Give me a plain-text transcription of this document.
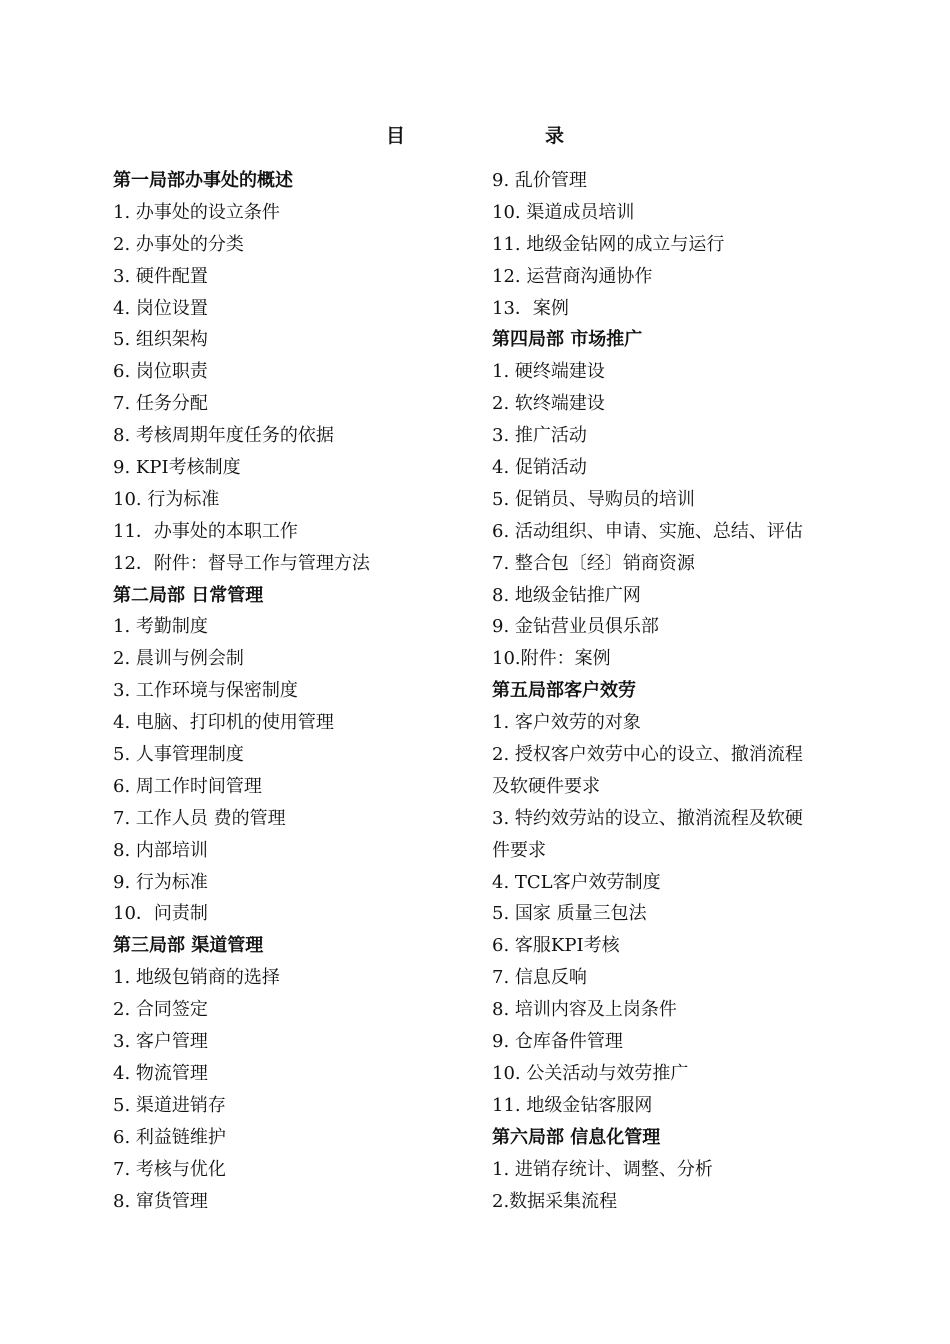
目　　录
第一局部办事处的概述
1. 办事处的设立条件
2. 办事处的分类
3. 硬件配置
4. 岗位设置
5. 组织架构
6. 岗位职责
7. 任务分配
8. 考核周期年度任务的依据
9. KPI考核制度
10. 行为标准
11．办事处的本职工作
12．附件：督导工作与管理方法
第二局部 日常管理
1. 考勤制度
2. 晨训与例会制
3. 工作环境与保密制度
4. 电脑、打印机的使用管理
5. 人事管理制度
6. 周工作时间管理
7. 工作人员 费的管理
8. 内部培训
9. 行为标准
10．问责制
第三局部 渠道管理
1. 地级包销商的选择
2. 合同签定
3. 客户管理
4. 物流管理
5. 渠道进销存
6. 利益链维护
7. 考核与优化
8. 窜货管理
9. 乱价管理
10. 渠道成员培训
11. 地级金钻网的成立与运行
12. 运营商沟通协作
13．案例
第四局部 市场推广
1. 硬终端建设
2. 软终端建设
3. 推广活动
4. 促销活动
5. 促销员、导购员的培训
6. 活动组织、申请、实施、总结、评估
7. 整合包〔经〕销商资源
8. 地级金钻推广网
9. 金钻营业员俱乐部
10.附件：案例
第五局部客户效劳
1. 客户效劳的对象
2. 授权客户效劳中心的设立、撤消流程
及软硬件要求
3. 特约效劳站的设立、撤消流程及软硬
件要求
4. TCL客户效劳制度
5. 国家 质量三包法
6. 客服KPI考核
7. 信息反响
8. 培训内容及上岗条件
9. 仓库备件管理
10. 公关活动与效劳推广
11. 地级金钻客服网
第六局部 信息化管理
1. 进销存统计、调整、分析
2.数据采集流程
